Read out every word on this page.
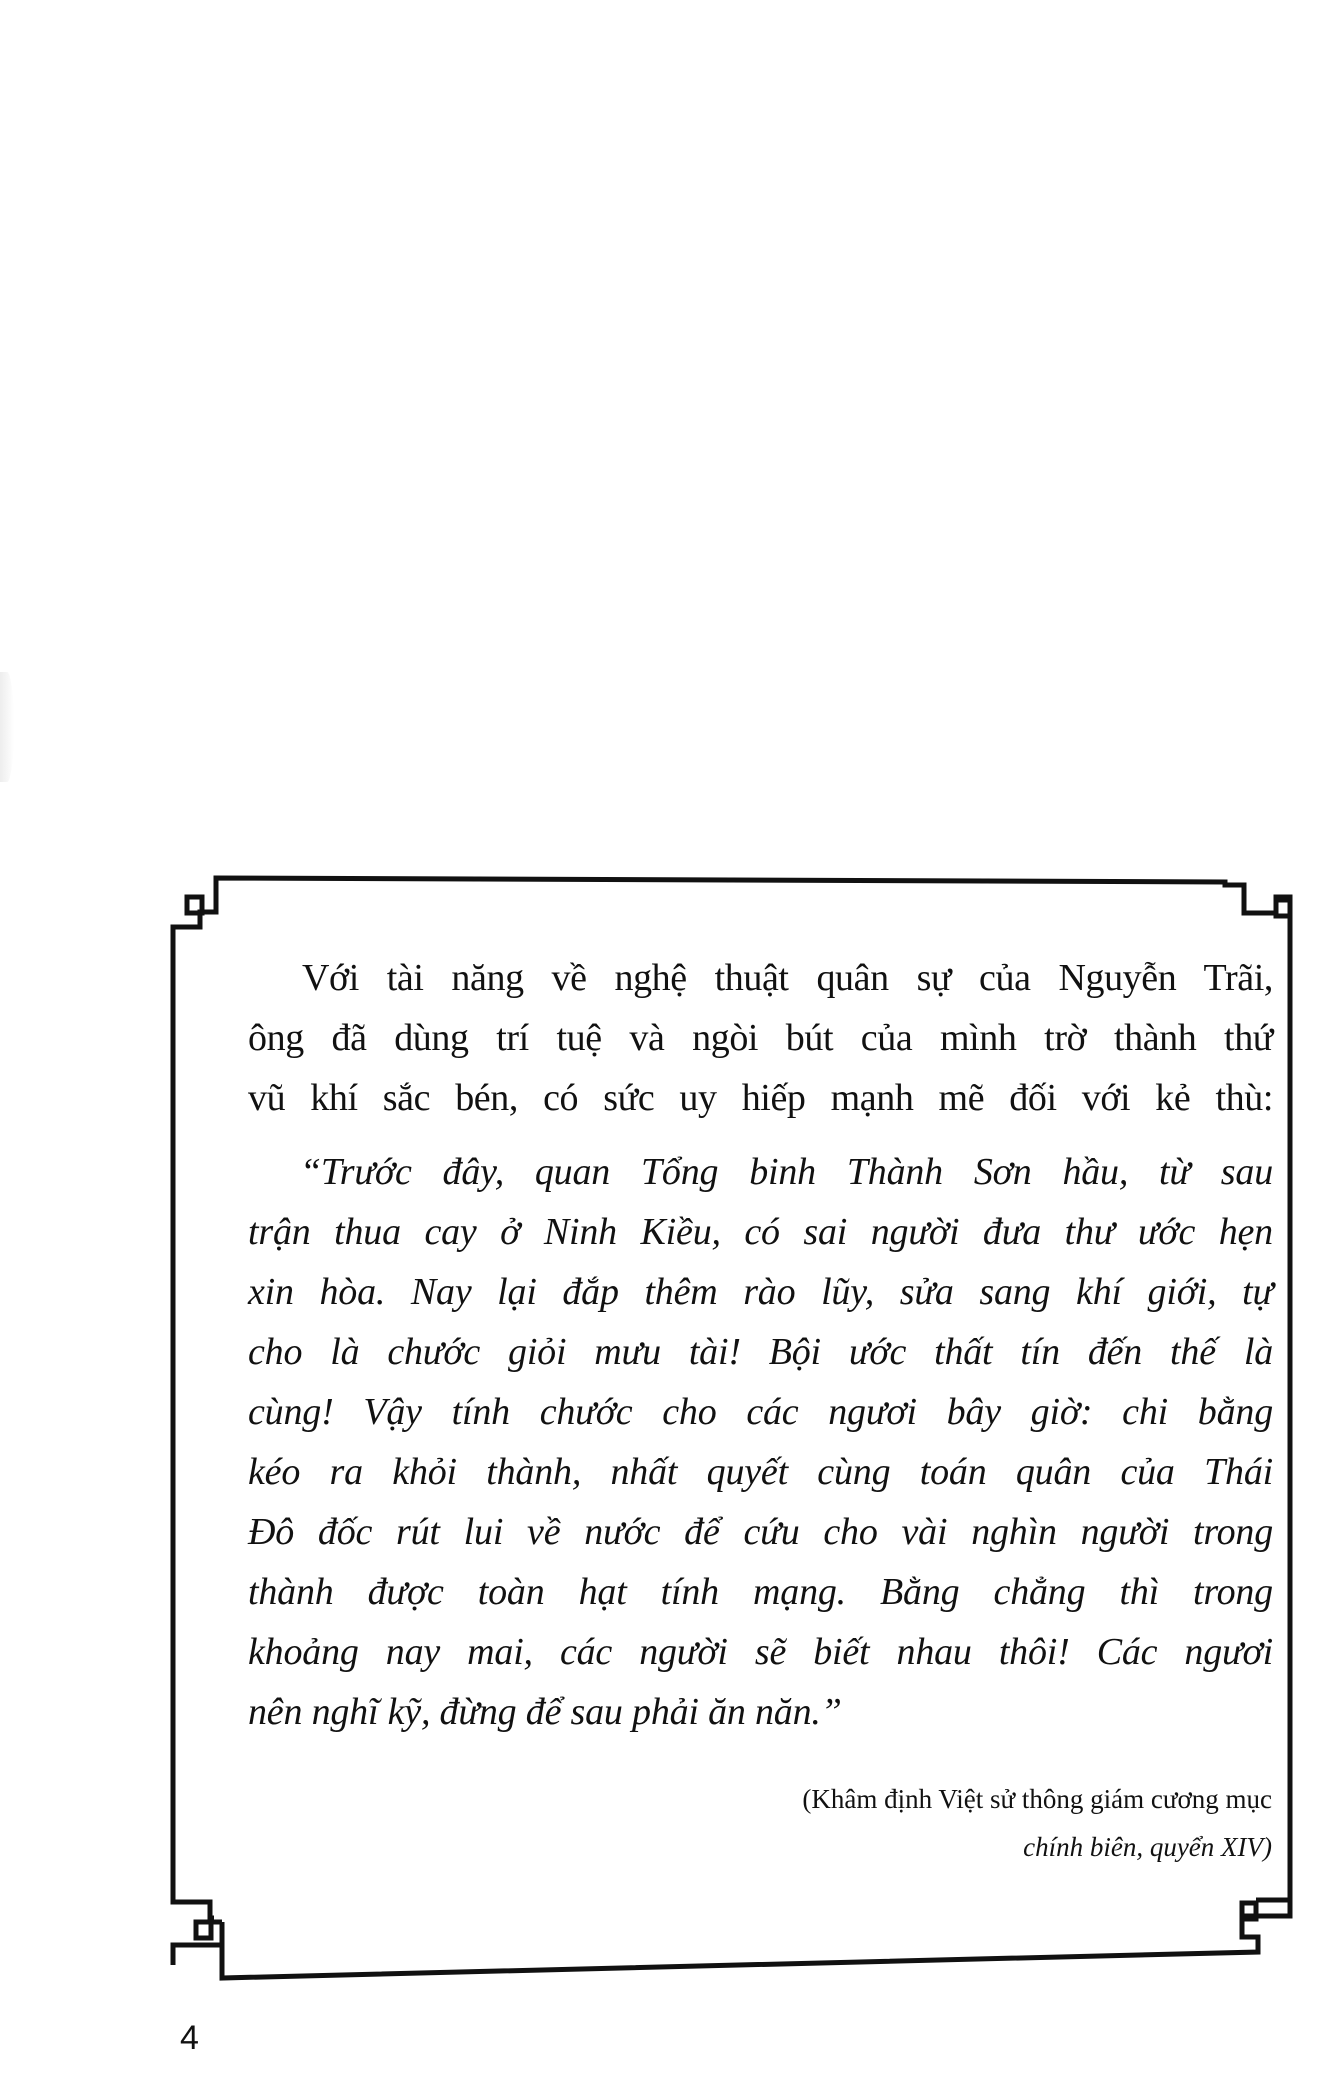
Với tài năng về nghệ thuật quân sự của Nguyễn Trãi,
ông đã dùng trí tuệ và ngòi bút của mình trờ thành thứ
vũ khí sắc bén, có sức uy hiếp mạnh mẽ đối với kẻ thù:
“Trước đây, quan Tổng binh Thành Sơn hầu, từ sau
trận thua cay ở Ninh Kiều, có sai người đưa thư ước hẹn
xin hòa. Nay lại đắp thêm rào lũy, sửa sang khí giới, tự
cho là chước giỏi mưu tài! Bội ước thất tín đến thế là
cùng! Vậy tính chước cho các ngươi bây giờ: chi bằng
kéo ra khỏi thành, nhất quyết cùng toán quân của Thái
Đô đốc rút lui về nước để cứu cho vài nghìn người trong
thành được toàn hạt tính mạng. Bằng chẳng thì trong
khoảng nay mai, các người sẽ biết nhau thôi! Các ngươi
nên nghĩ kỹ, đừng để sau phải ăn năn.”
(Khâm định Việt sử thông giám cương mục
chính biên, quyển XIV)
4
